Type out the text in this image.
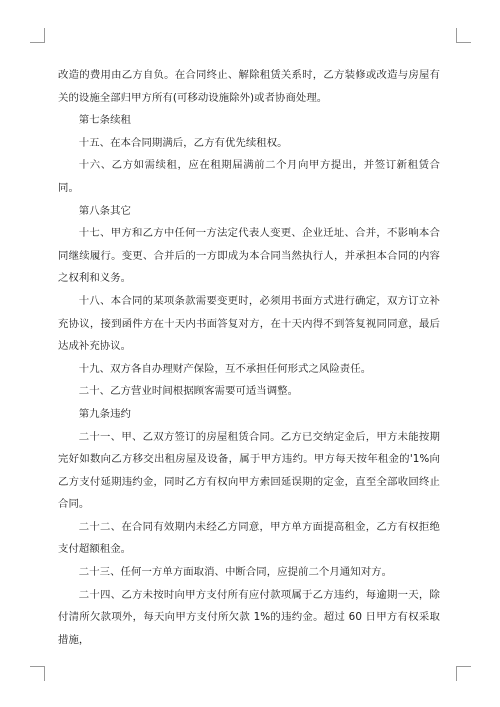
改造的费用由乙方自负。在合同终止、解除租赁关系时，乙方装修或改造与房屋有关的设施全部归甲方所有(可移动设施除外)或者协商处理。

第七条续租

十五、在本合同期满后，乙方有优先续租权。

十六、乙方如需续租，应在租期届满前二个月向甲方提出，并签订新租赁合同。

第八条其它

十七、甲方和乙方中任何一方法定代表人变更、企业迁址、合并，不影响本合同继续履行。变更、合并后的一方即成为本合同当然执行人，并承担本合同的内容之权利和义务。

十八、本合同的某项条款需要变更时，必须用书面方式进行确定，双方订立补充协议，接到函件方在十天内书面答复对方，在十天内得不到答复视同同意，最后达成补充协议。

十九、双方各自办理财产保险，互不承担任何形式之风险责任。

二十、乙方营业时间根据顾客需要可适当调整。

第九条违约

二十一、甲、乙双方签订的房屋租赁合同。乙方已交纳定金后，甲方未能按期完好如数向乙方移交出租房屋及设备，属于甲方违约。甲方每天按年租金的'1%向乙方支付延期违约金，同时乙方有权向甲方索回延误期的定金，直至全部收回终止合同。

二十二、在合同有效期内未经乙方同意，甲方单方面提高租金，乙方有权拒绝支付超额租金。

二十三、任何一方单方面取消、中断合同，应提前二个月通知对方。

二十四、乙方未按时向甲方支付所有应付款项属于乙方违约，每逾期一天，除付清所欠款项外，每天向甲方支付所欠款 1%的违约金。超过 60 日甲方有权采取措施，
